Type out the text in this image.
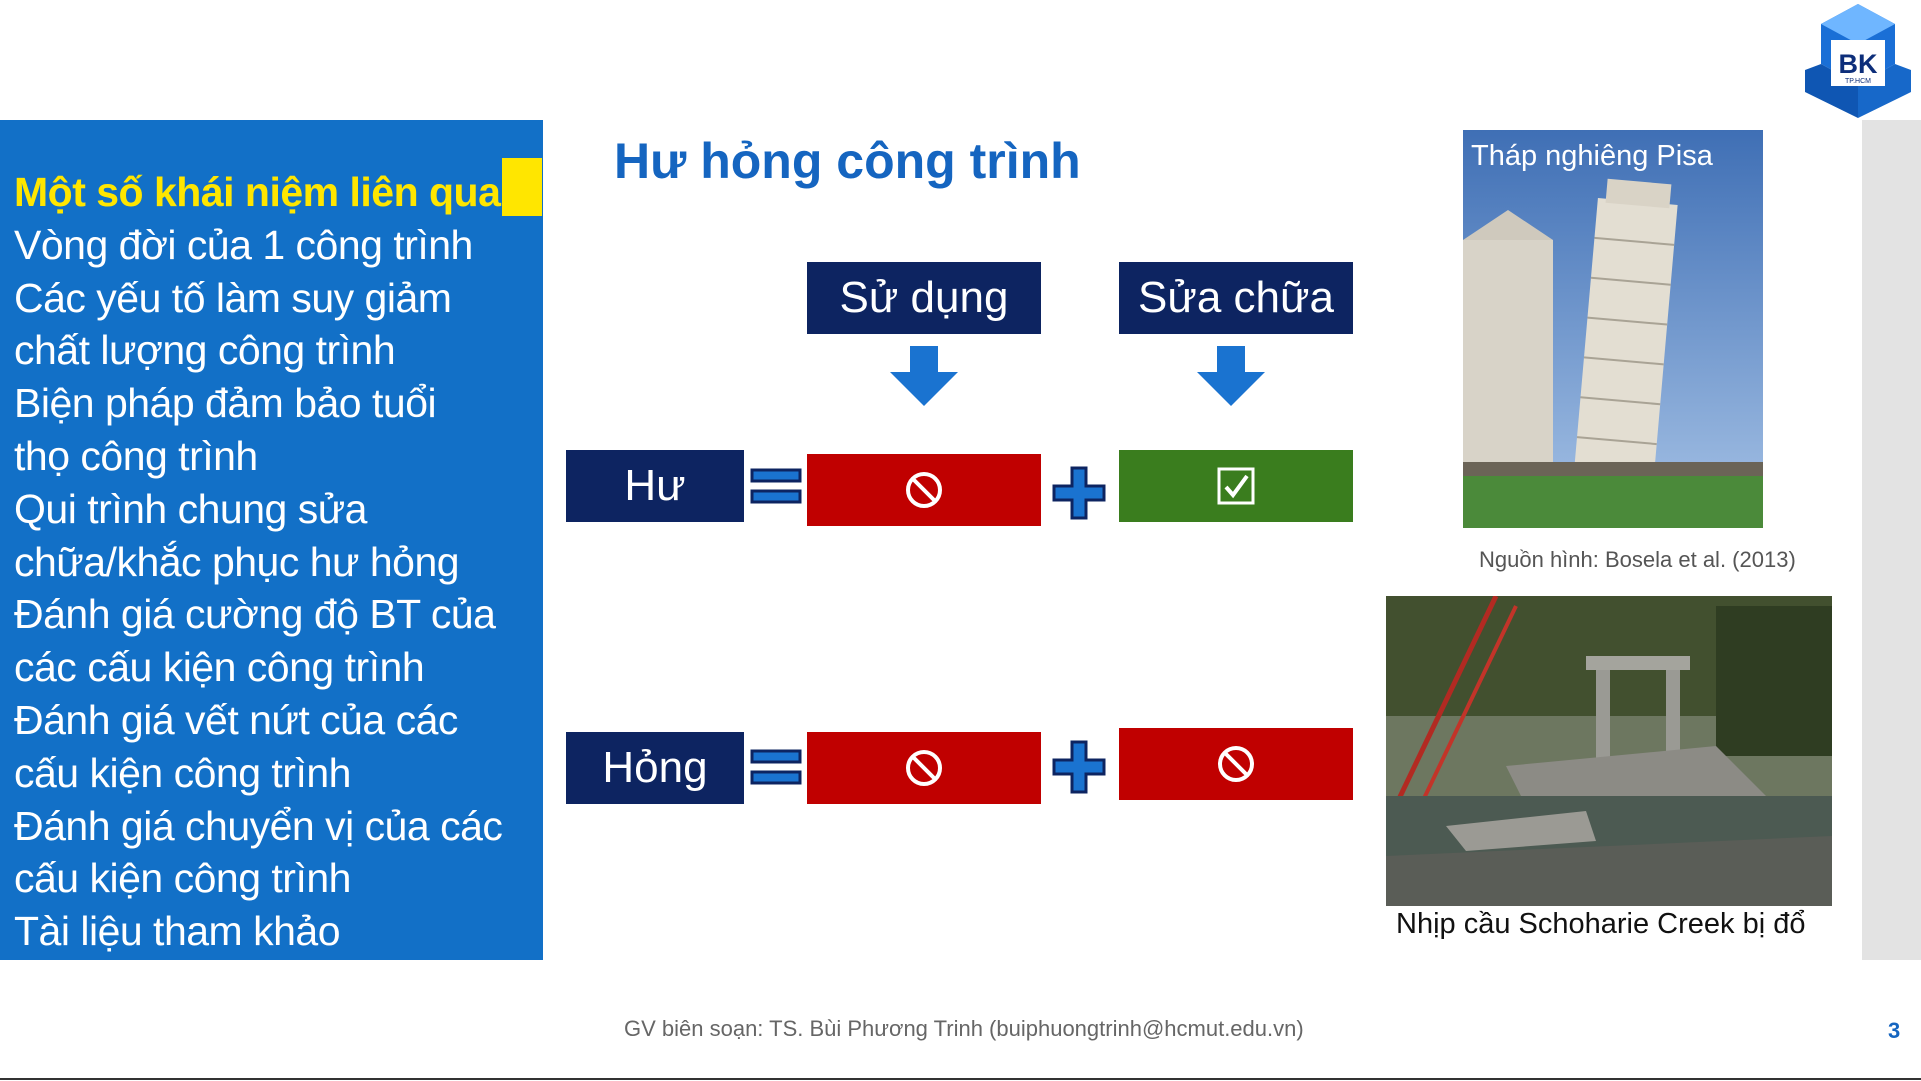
BK
TP.HCM
Một số khái niệm liên quan
Vòng đời của 1 công trình
Các yếu tố làm suy giảm
chất lượng công trình
Biện pháp đảm bảo tuổi
thọ công trình
Qui trình chung sửa
chữa/khắc phục hư hỏng
Đánh giá cường độ BT của
các cấu kiện công trình
Đánh giá vết nứt của các
cấu kiện công trình
Đánh giá chuyển vị của các
cấu kiện công trình
Tài liệu tham khảo
Hư hỏng công trình
Sử dụng	Sửa chữa
Hư
Hỏng
Tháp nghiêng Pisa
Nguồn hình: Bosela et al. (2013)
Nhịp cầu Schoharie Creek bị đổ
GV biên soạn: TS. Bùi Phương Trinh (buiphuongtrinh@hcmut.edu.vn)	3
